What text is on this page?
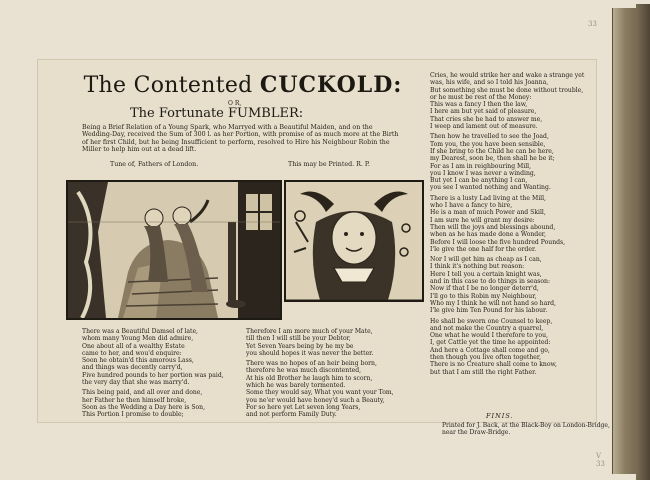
33
V
33
The Contented CUCKOLD:
O R,
The Fortunate FUMBLER:
Being a Brief Relation of a Young Spark, who Marryed with a Beautiful Maiden, and on the Wedding-Day, received the Sum of 300 l. as her Portion, with promise of as much more at the Birth of her first Child, but he being Insufficient to perform, resolved to Hire his Neighbour Robin the Miller to help him out at a dead lift.
Tune of, Fathers of London.	This may be Printed. R. P.
There was a Beautiful Damsel of late,
whom many Young Men did admire,
One about all of a wealthy Estate
came to her, and wou'd enquire:
Soon he obtain'd this amorous Lass,
and things was decently carry'd,
Five hundred pounds to her portion was paid,
the very day that she was marry'd.
This being paid, and all over and done,
her Father he then himself broke,
Soon as the Wedding a Day here is Son,
This Portion I promise to double;
Therefore I am more much of your Mate,
till then I will still be your Debtor,
Yet Seven Years being by he my be
you should hopes it was never the better.
There was no hopes of an heir being born,
therefore he was much discontented,
At his old Brother he laugh him to scorn,
which he was barely tormented.
Some they would say, What you want your Tom,
you ne'er would have honey'd such a Beauty,
For so here yet Let seven long Years,
and not perform Family Duty.
Cries, he would strike her and wake a strange yet
was, his wife, and so I told his Joanna,
But something she must be done without trouble,
or he must be rest of the Money:
This was a fancy I then the law,
I here am but yet said of pleasure,
That cries she he had to answer me,
I weep and lament out of measure.
Then how he travelled to see the Joad,
Tom you, the you have been sensible,
If she bring to the Child he can be here,
my Dearest, soon be, then shall he be it;
For as I am in reighbouring Mill,
you I know I was never a winding,
But yet I can be anything I can,
you see I wanted nothing and Wanting.
There is a lusty Lad living at the Mill,
who I have a fancy to hire,
He is a man of much Power and Skill,
I am sure he will grant my desire:
Then will the joys and blessings abound,
when as he has made done a Wonder,
Before I will loose the five hundred Pounds,
I'le give the one half for the order.
Nor I will get him as cheap as I can,
I think it's nothing but reason:
Here I tell you a certain knight was,
and in this case to do things in season:
Now if that I be no longer deterr'd,
I'll go to this Robin my Neighbour,
Who my I think he will not hand so hard,
I'le give him Ten Pound for his labour.
He shall be sworn one Counsel to keep,
and not make the Country a quarrel,
One what he would I therefore to you,
I, get Cattle yet the time he appointed:
And here a Cottage shall come and go,
then though you live often together,
There is no Creature shall come to know,
but that I am still the right Father.
FINIS.
Printed for J. Back, at the Black-Boy on London-Bridge,
near the Draw-Bridge.
